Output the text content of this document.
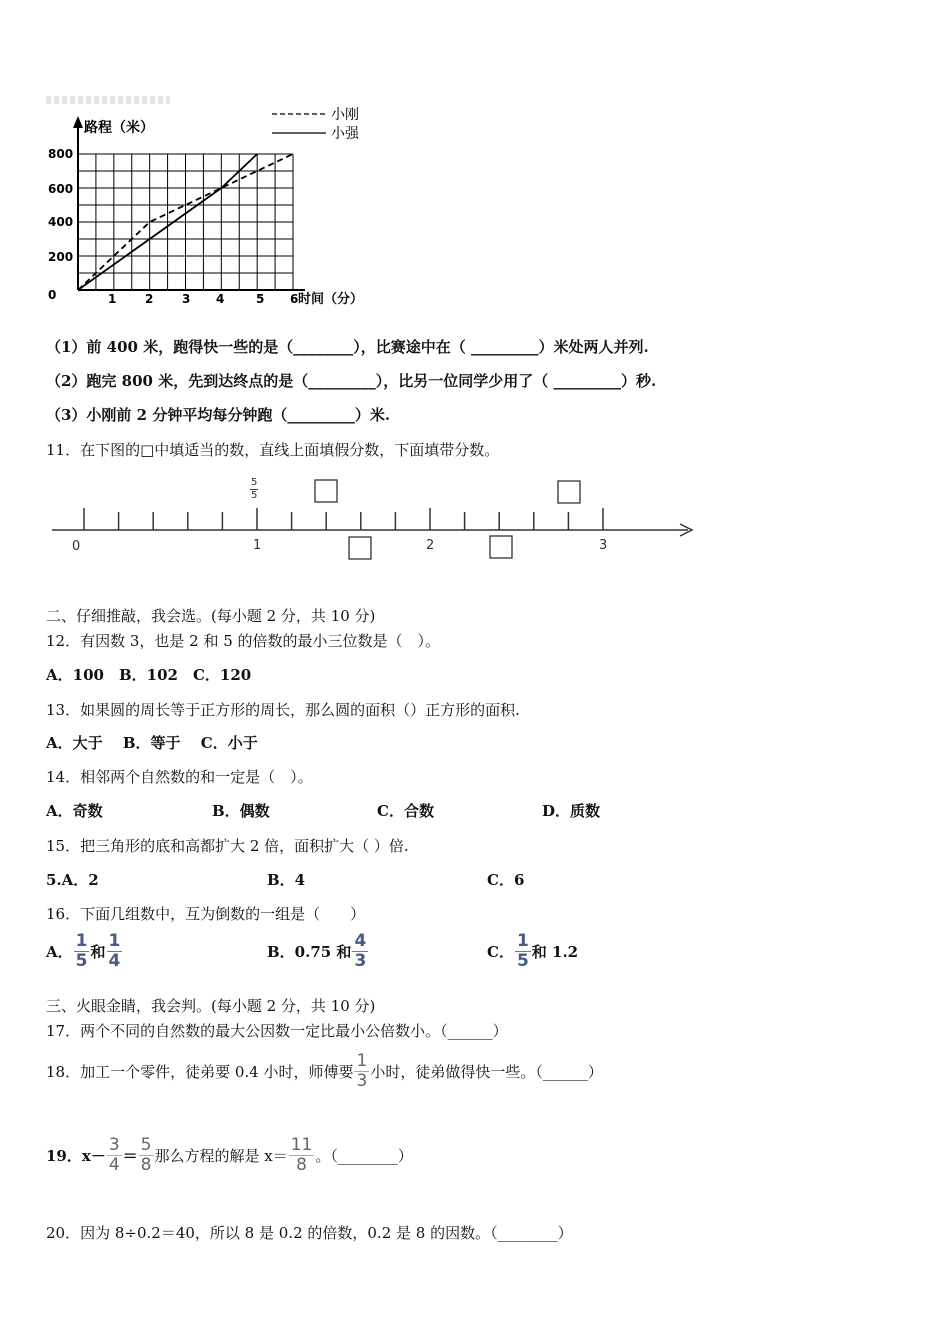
路程（米）
时间（分）
0
200
400
600
800
1 2 3 4	5 6
小刚
小强
（1）前 400 米，跑得快一些的是（________），比赛途中在（ _________）米处两人并列.
（2）跑完 800 米，先到达终点的是（_________），比另一位同学少用了（ _________）秒.
（3）小刚前 2 分钟平均每分钟跑（_________）米.
11．在下图的□中填适当的数，直线上面填假分数，下面填带分数。
$\frac{5}{5}$
0	1	2	3
二、仔细推敲，我会选。(每小题 2 分，共 10 分)
12．有因数 3，也是 2 和 5 的倍数的最小三位数是（　）。
A．100　B．102　C．120
13．如果圆的周长等于正方形的周长，那么圆的面积（）正方形的面积.
A．大于　 B．等于　 C．小于
14．相邻两个自然数的和一定是（　）。
A．奇数	B．偶数	C．合数	D．质数
15．把三角形的底和高都扩大 2 倍，面积扩大（ ）倍.
5.A．2	B．4	C．6
16．下面几组数中，互为倒数的一组是（　　）
A． $\frac{1}{5}$ 和 $\frac{1}{4}$	B．0.75 和 $\frac{4}{3}$	C． $\frac{1}{5}$ 和 1.2
三、火眼金睛，我会判。(每小题 2 分，共 10 分)
17．两个不同的自然数的最大公因数一定比最小公倍数小。（______）
18．加工一个零件，徒弟要 0.4 小时，师傅要 $\frac{1}{3}$ 小时，徒弟做得快一些。（______）
19．$x- \frac{3}{4} = \frac{5}{8}$ 那么方程的解是 $x= \frac{11}{8}$ 。（________）
20．因为 8÷0.2＝40，所以 8 是 0.2 的倍数，0.2 是 8 的因数。（________）
